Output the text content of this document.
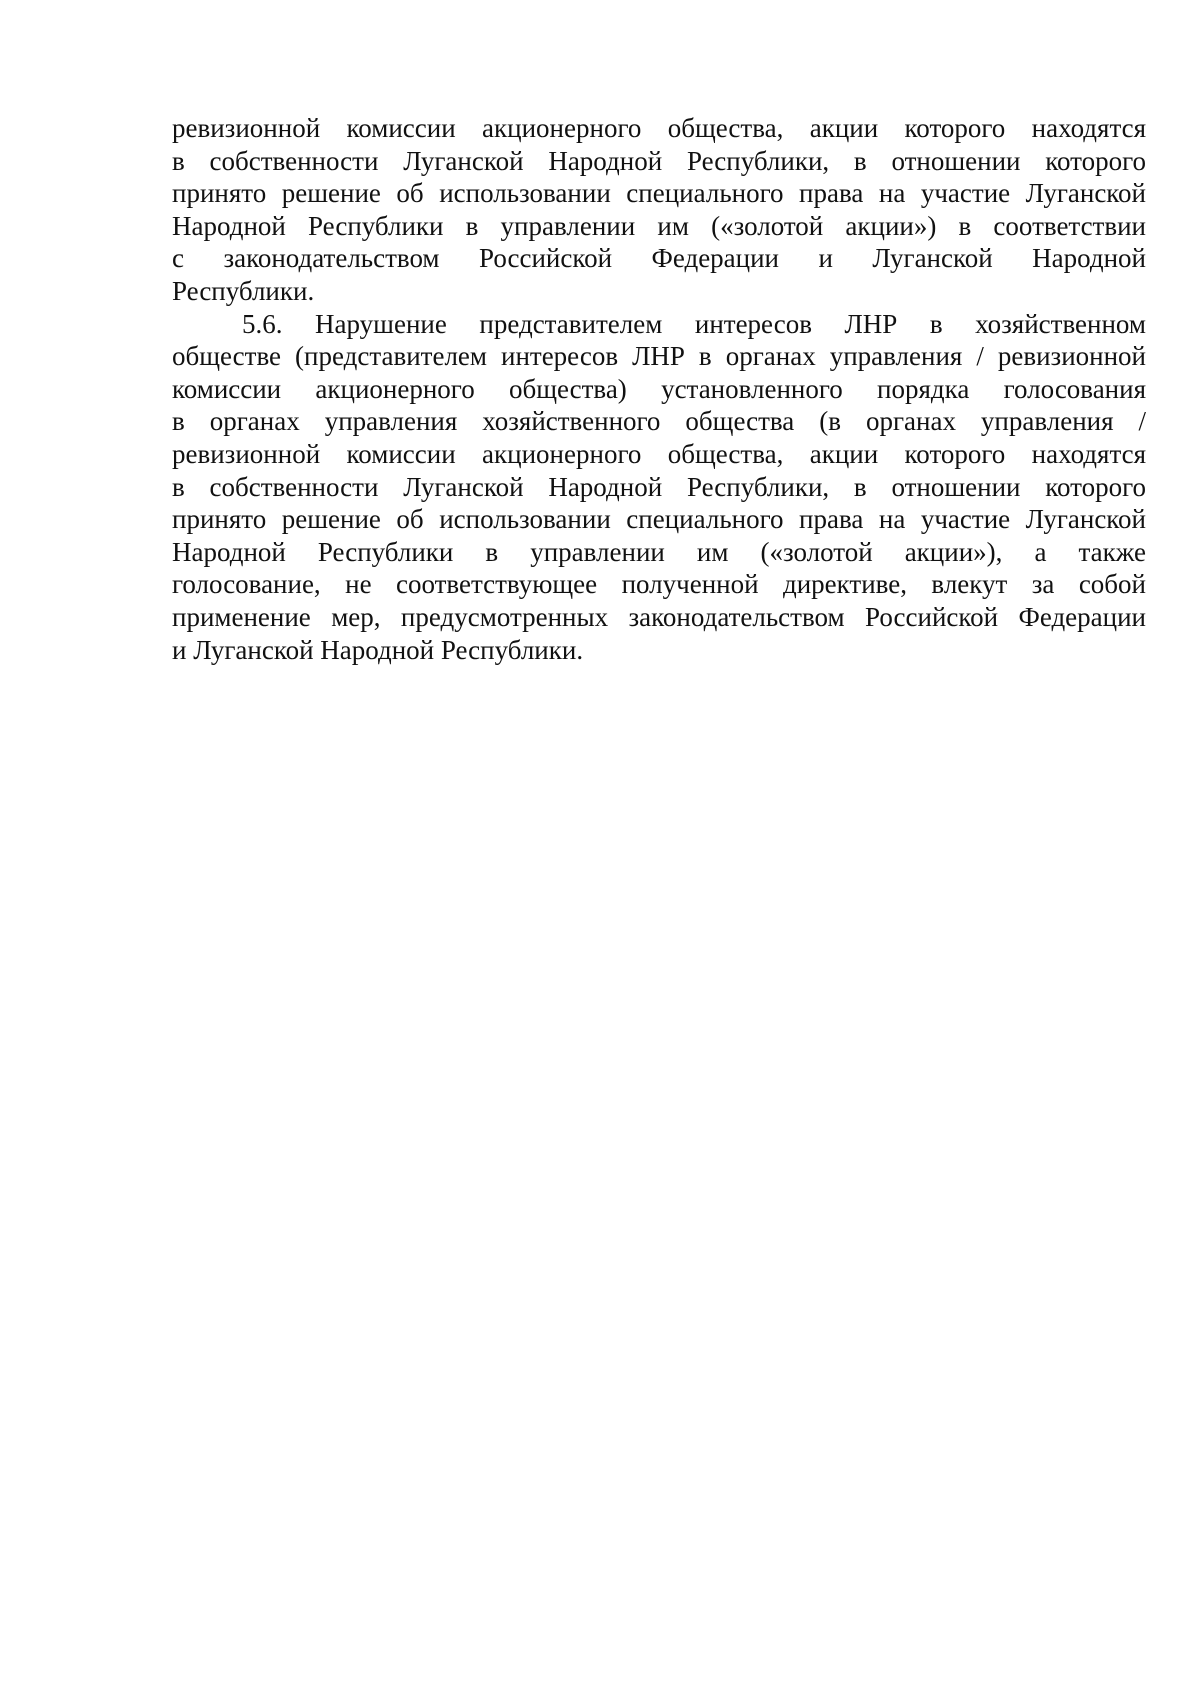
ревизионной комиссии акционерного общества, акции которого находятся
в собственности Луганской Народной Республики, в отношении которого
принято решение об использовании специального права на участие Луганской
Народной Республики в управлении им («золотой акции») в соответствии
с законодательством Российской Федерации и Луганской Народной
Республики.
5.6. Нарушение представителем интересов ЛНР в хозяйственном
обществе (представителем интересов ЛНР в органах управления / ревизионной
комиссии акционерного общества) установленного порядка голосования
в органах управления хозяйственного общества (в органах управления /
ревизионной комиссии акционерного общества, акции которого находятся
в собственности Луганской Народной Республики, в отношении которого
принято решение об использовании специального права на участие Луганской
Народной Республики в управлении им («золотой акции»), а также
голосование, не соответствующее полученной директиве, влекут за собой
применение мер, предусмотренных законодательством Российской Федерации
и Луганской Народной Республики.
